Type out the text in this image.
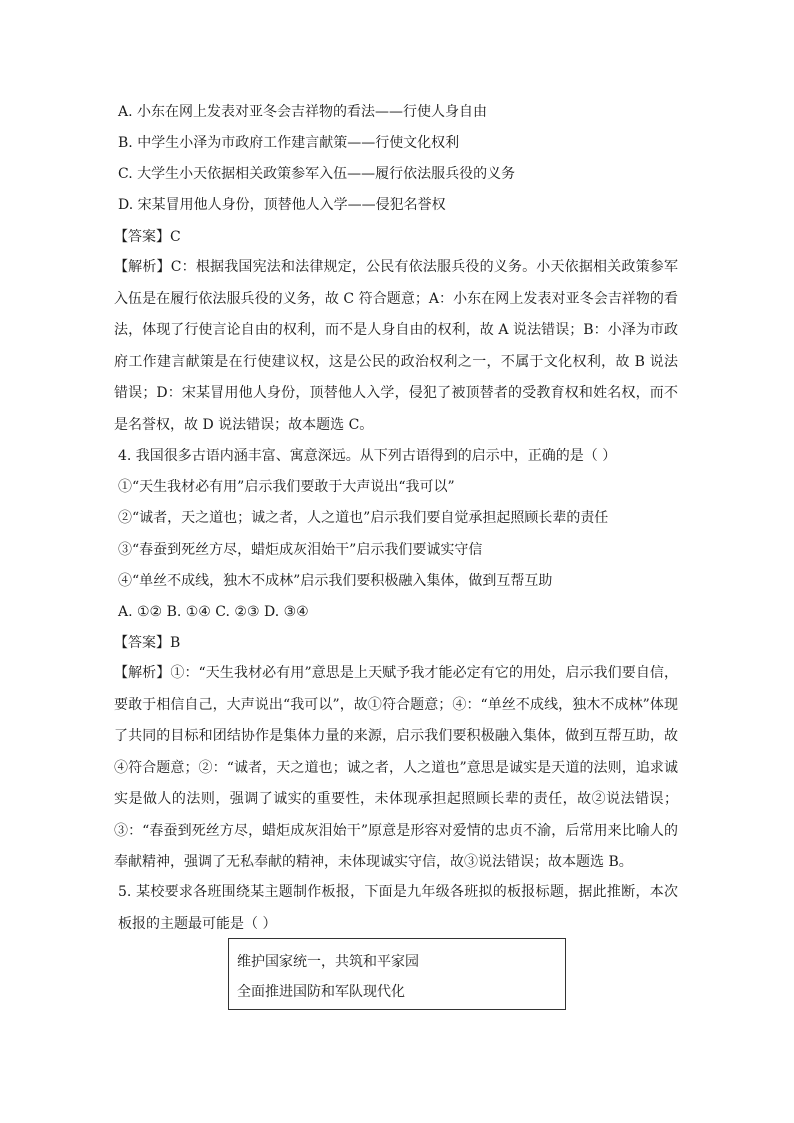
A. 小东在网上发表对亚冬会吉祥物的看法——行使人身自由
B. 中学生小泽为市政府工作建言献策——行使文化权利
C. 大学生小天依据相关政策参军入伍——履行依法服兵役的义务
D. 宋某冒用他人身份，顶替他人入学——侵犯名誉权
【答案】C
【解析】C：根据我国宪法和法律规定，公民有依法服兵役的义务。小天依据相关政策参军入伍是在履行依法服兵役的义务，故 C 符合题意；A：小东在网上发表对亚冬会吉祥物的看法，体现了行使言论自由的权利，而不是人身自由的权利，故 A 说法错误；B：小泽为市政府工作建言献策是在行使建议权，这是公民的政治权利之一，不属于文化权利，故 B 说法错误；D：宋某冒用他人身份，顶替他人入学，侵犯了被顶替者的受教育权和姓名权，而不是名誉权，故 D 说法错误；故本题选 C。
4. 我国很多古语内涵丰富、寓意深远。从下列古语得到的启示中，正确的是（ ）
①“天生我材必有用”启示我们要敢于大声说出“我可以”
②“诚者，天之道也；诚之者，人之道也”启示我们要自觉承担起照顾长辈的责任
③“春蚕到死丝方尽，蜡炬成灰泪始干”启示我们要诚实守信
④“单丝不成线，独木不成林”启示我们要积极融入集体，做到互帮互助
A. ①② B. ①④ C. ②③ D. ③④
【答案】B
【解析】①：“天生我材必有用”意思是上天赋予我才能必定有它的用处，启示我们要自信，要敢于相信自己，大声说出“我可以”，故①符合题意；④：“单丝不成线，独木不成林”体现了共同的目标和团结协作是集体力量的来源，启示我们要积极融入集体，做到互帮互助，故④符合题意；②：“诚者，天之道也；诚之者，人之道也”意思是诚实是天道的法则，追求诚实是做人的法则，强调了诚实的重要性，未体现承担起照顾长辈的责任，故②说法错误；③：“春蚕到死丝方尽，蜡炬成灰泪始干”原意是形容对爱情的忠贞不渝，后常用来比喻人的奉献精神，强调了无私奉献的精神，未体现诚实守信，故③说法错误；故本题选 B。
5. 某校要求各班围绕某主题制作板报，下面是九年级各班拟的板报标题，据此推断，本次板报的主题最可能是（ ）
维护国家统一，共筑和平家园
全面推进国防和军队现代化
